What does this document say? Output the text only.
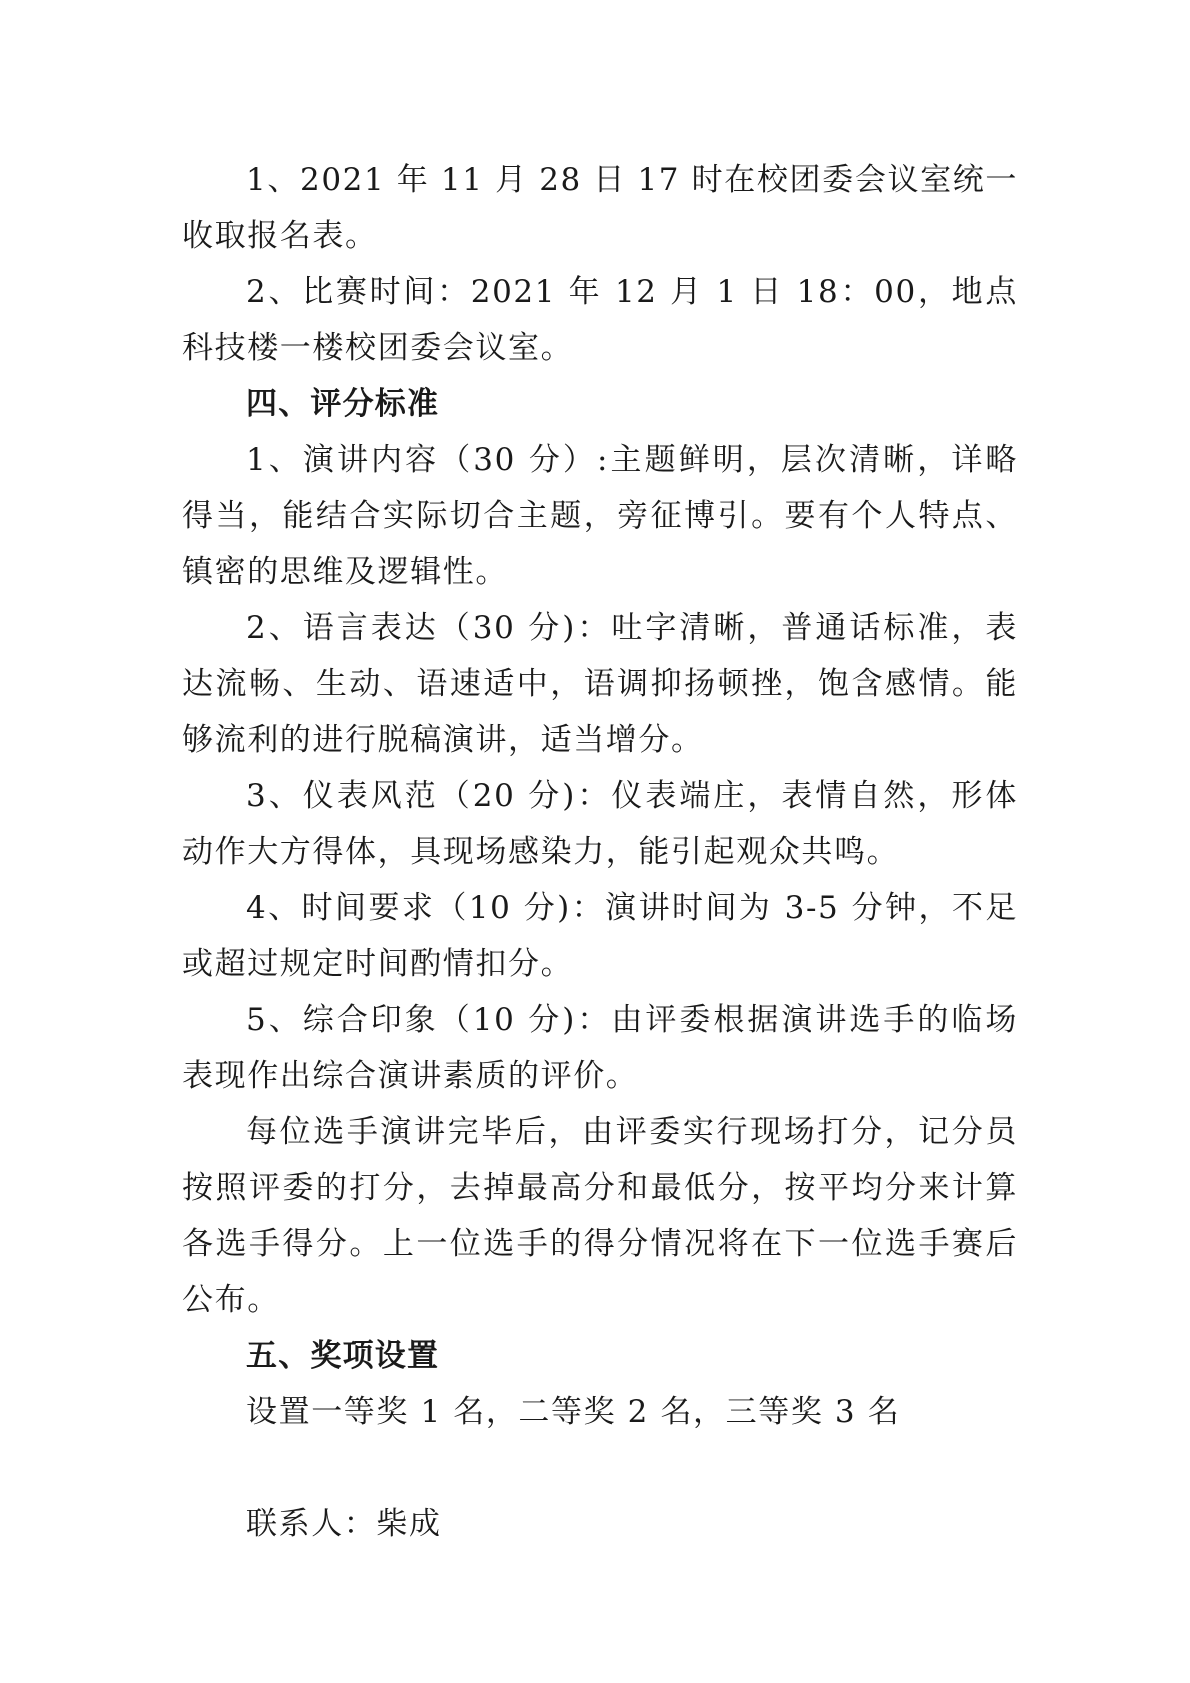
1、2021 年 11 月 28 日 17 时在校团委会议室统一收取报名表。

2、比赛时间：2021 年 12 月 1 日 18：00，地点科技楼一楼校团委会议室。

四、评分标准

1、演讲内容（30 分）:主题鲜明，层次清晰，详略得当，能结合实际切合主题，旁征博引。要有个人特点、镇密的思维及逻辑性。

2、语言表达（30 分)：吐字清晰，普通话标准，表达流畅、生动、语速适中，语调抑扬顿挫，饱含感情。能够流利的进行脱稿演讲，适当增分。

3、仪表风范（20 分)：仪表端庄，表情自然，形体动作大方得体，具现场感染力，能引起观众共鸣。

4、时间要求（10 分)：演讲时间为 3-5 分钟，不足或超过规定时间酌情扣分。

5、综合印象（10 分)：由评委根据演讲选手的临场表现作出综合演讲素质的评价。

每位选手演讲完毕后，由评委实行现场打分，记分员按照评委的打分，去掉最高分和最低分，按平均分来计算各选手得分。上一位选手的得分情况将在下一位选手赛后公布。

五、奖项设置

设置一等奖 1 名，二等奖 2 名，三等奖 3 名

联系人：柴成
